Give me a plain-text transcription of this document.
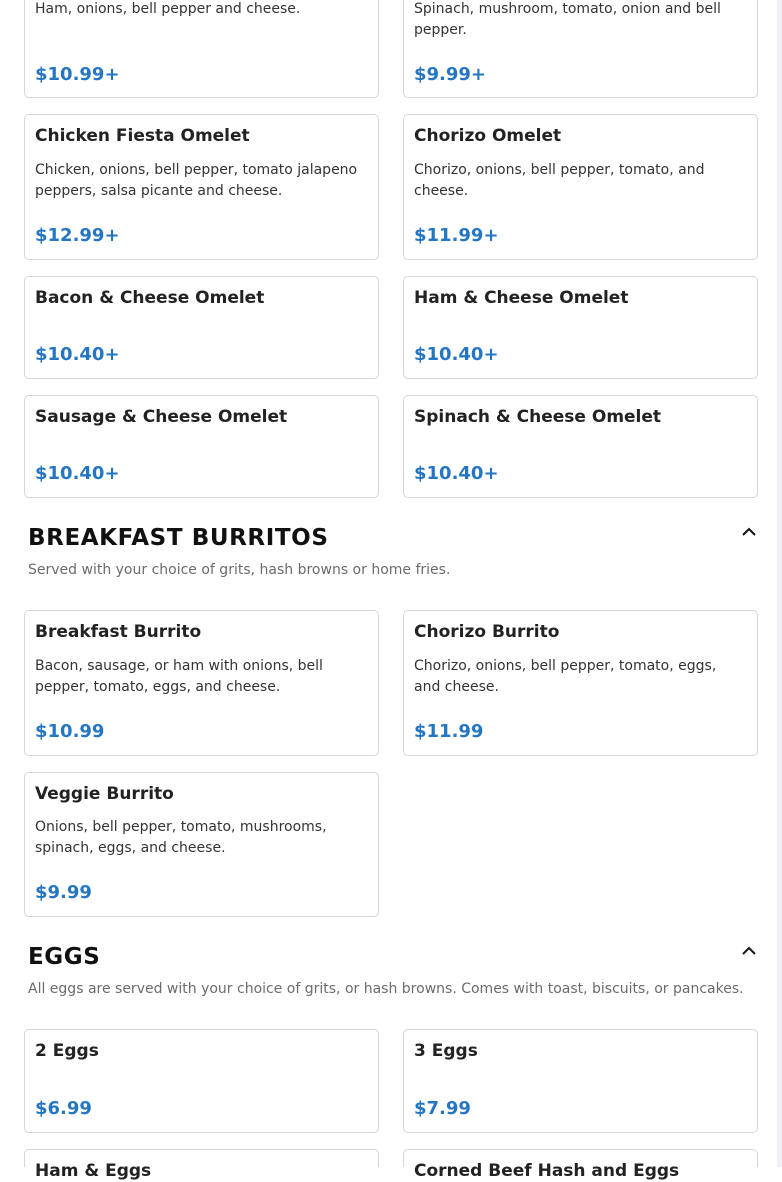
Ham, onions, bell pepper and cheese.
$10.99+
Spinach, mushroom, tomato, onion and bell pepper.
$9.99+
Chicken Fiesta Omelet
Chicken, onions, bell pepper, tomato jalapeno peppers, salsa picante and cheese.
$12.99+
Chorizo Omelet
Chorizo, onions, bell pepper, tomato, and cheese.
$11.99+
Bacon & Cheese Omelet
$10.40+
Ham & Cheese Omelet
$10.40+
Sausage & Cheese Omelet
$10.40+
Spinach & Cheese Omelet
$10.40+
BREAKFAST BURRITOS
Served with your choice of grits, hash browns or home fries.
Breakfast Burrito
Bacon, sausage, or ham with onions, bell pepper, tomato, eggs, and cheese.
$10.99
Chorizo Burrito
Chorizo, onions, bell pepper, tomato, eggs, and cheese.
$11.99
Veggie Burrito
Onions, bell pepper, tomato, mushrooms, spinach, eggs, and cheese.
$9.99
EGGS
All eggs are served with your choice of grits, or hash browns. Comes with toast, biscuits, or pancakes.
2 Eggs
$6.99
3 Eggs
$7.99
Ham & Eggs	Corned Beef Hash and Eggs
